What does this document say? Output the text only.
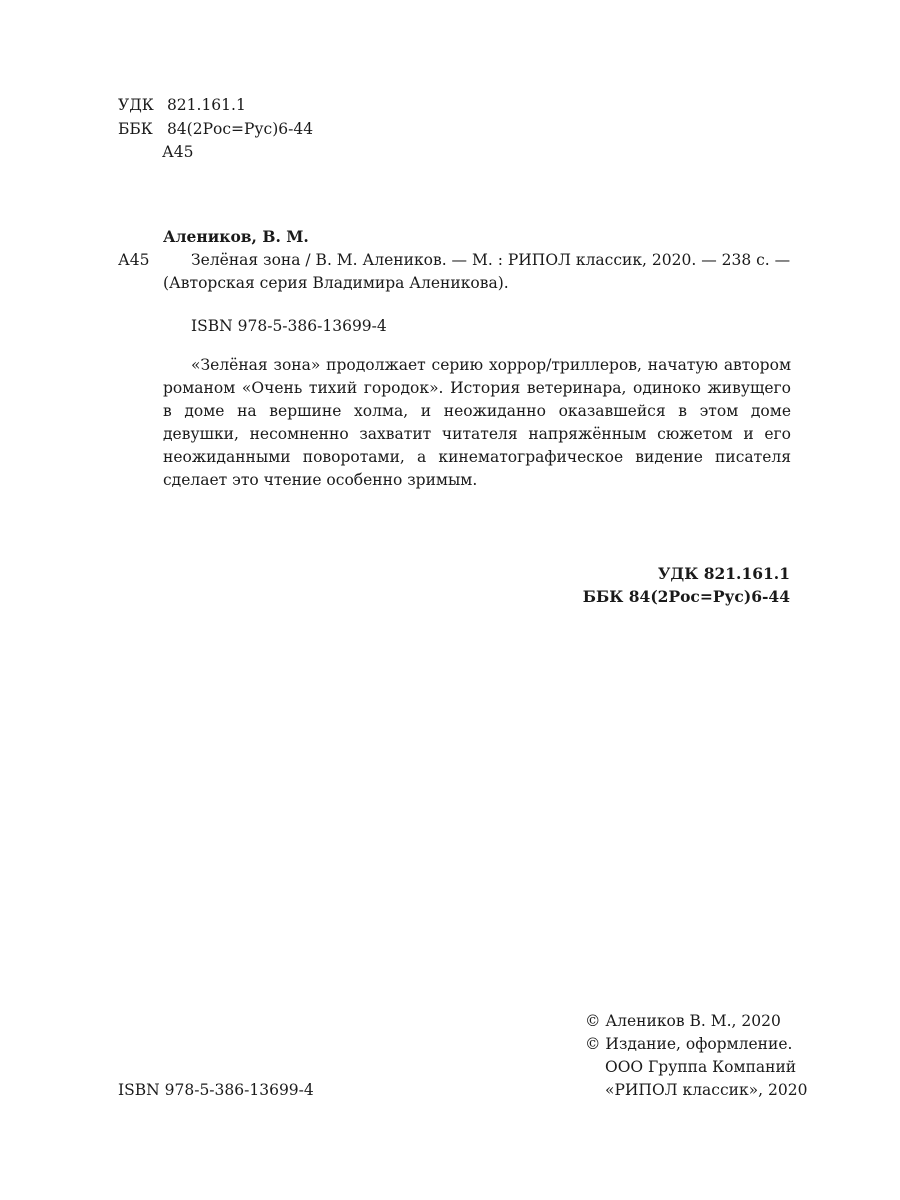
УДК 821.161.1
ББК 84(2Рос=Рус)6-44
А45
Алеников, В. М.
А45	Зелёная зона / В. М. Алеников. — М. : РИПОЛ классик, 2020. — 238 с. —
(Авторская серия Владимира Аленикова).
ISBN 978-5-386-13699-4
«Зелёная зона» продолжает серию хоррор/триллеров, начатую автором романом «Очень тихий городок». История ветеринара, одиноко живущего в доме на вершине холма, и неожиданно оказавшейся в этом доме девушки, несомненно захватит читателя напряжённым сюжетом и его неожиданными поворотами, а кинематографическое видение писателя сделает это чтение особенно зримым.
УДК 821.161.1
ББК 84(2Рос=Рус)6-44
© Алеников В. М., 2020
© Издание, оформление.
ООО Группа Компаний
«РИПОЛ классик», 2020
ISBN 978-5-386-13699-4
